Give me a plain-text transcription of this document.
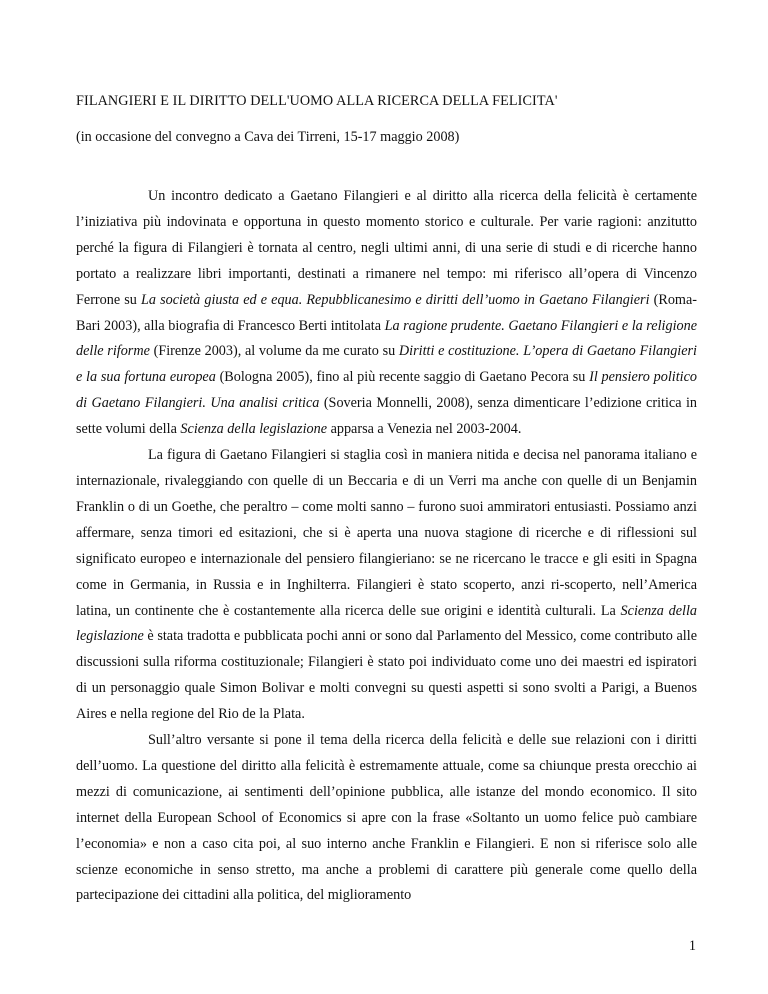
FILANGIERI E IL DIRITTO DELL'UOMO ALLA RICERCA DELLA FELICITA'
(in occasione del convegno a Cava dei Tirreni, 15-17 maggio 2008)

Un incontro dedicato a Gaetano Filangieri e al diritto alla ricerca della felicità è certamente l’iniziativa più indovinata e opportuna in questo momento storico e culturale. Per varie ragioni: anzitutto perché la figura di Filangieri è tornata al centro, negli ultimi anni, di una serie di studi e di ricerche hanno portato a realizzare libri importanti, destinati a rimanere nel tempo: mi riferisco all’opera di Vincenzo Ferrone su La società giusta ed e equa. Repubblicanesimo e diritti dell’uomo in Gaetano Filangieri (Roma-Bari 2003), alla biografia di Francesco Berti intitolata La ragione prudente. Gaetano Filangieri e la religione delle riforme (Firenze 2003), al volume da me curato su Diritti e costituzione. L’opera di Gaetano Filangieri e la sua fortuna europea (Bologna 2005), fino al più recente saggio di Gaetano Pecora su Il pensiero politico di Gaetano Filangieri. Una analisi critica (Soveria Monnelli, 2008), senza dimenticare l’edizione critica in sette volumi della Scienza della legislazione apparsa a Venezia nel 2003-2004.

La figura di Gaetano Filangieri si staglia così in maniera nitida e decisa nel panorama italiano e internazionale, rivaleggiando con quelle di un Beccaria e di un Verri ma anche con quelle di un Benjamin Franklin o di un Goethe, che peraltro – come molti sanno – furono suoi ammiratori entusiasti. Possiamo anzi affermare, senza timori ed esitazioni, che si è aperta una nuova stagione di ricerche e di riflessioni sul significato europeo e internazionale del pensiero filangieriano: se ne ricercano le tracce e gli esiti in Spagna come in Germania, in Russia e in Inghilterra. Filangieri è stato scoperto, anzi ri-scoperto, nell’America latina, un continente che è costantemente alla ricerca delle sue origini e identità culturali. La Scienza della legislazione è stata tradotta e pubblicata pochi anni or sono dal Parlamento del Messico, come contributo alle discussioni sulla riforma costituzionale; Filangieri è stato poi individuato come uno dei maestri ed ispiratori di un personaggio quale Simon Bolivar e molti convegni su questi aspetti si sono svolti a Parigi, a Buenos Aires e nella regione del Rio de la Plata.

Sull’altro versante si pone il tema della ricerca della felicità e delle sue relazioni con i diritti dell’uomo. La questione del diritto alla felicità è estremamente attuale, come sa chiunque presta orecchio ai mezzi di comunicazione, ai sentimenti dell’opinione pubblica, alle istanze del mondo economico. Il sito internet della European School of Economics si apre con la frase «Soltanto un uomo felice può cambiare l’economia» e non a caso cita poi, al suo interno anche Franklin e Filangieri. E non si riferisce solo alle scienze economiche in senso stretto, ma anche a problemi di carattere più generale come quello della partecipazione dei cittadini alla politica, del miglioramento

1
